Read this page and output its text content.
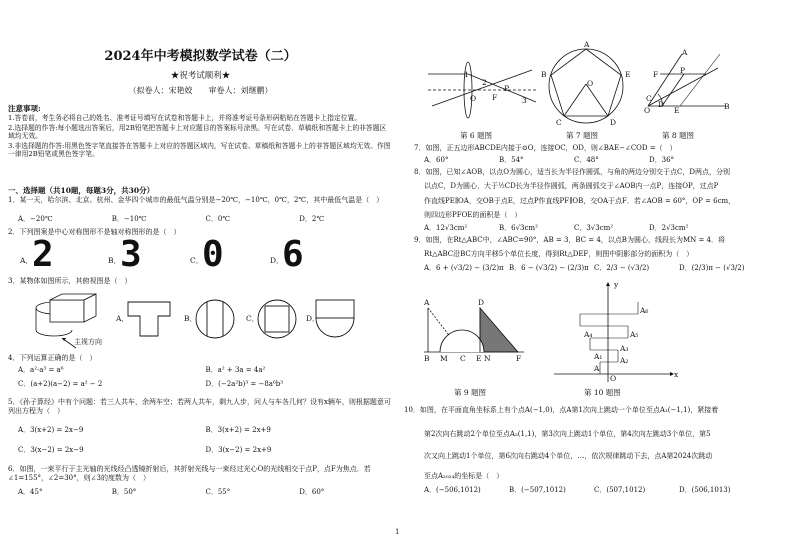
2024年中考模拟数学试卷（二）
★祝考试顺利★
（拟卷人：宋艳姣　　审卷人：刘继鹏）
注意事项:

1.答卷前，考生务必将自己的姓名、准考证号填写在试卷和答题卡上，并将准考证号条形码粘贴在答题卡上指定位置。

2.选择题的作答:每小题选出答案后，用2B铅笔把答题卡上对应题目的答案标号涂黑。写在试卷、草稿纸和答题卡上的非答题区域均无效。

3.非选择题的作答:用黑色签字笔直接答在答题卡上对应的答题区域内，写在试卷、草稿纸和答题卡上的非答题区域均无效。作图一律用2B铅笔或黑色签字笔。

一、选择题（共10题，每题3分，共30分）
1．某一天，哈尔滨、北京、杭州、金华四个城市的最低气温分别是−20℃，−10℃，0℃，2℃，其中最低气温是（　）
A．−20℃	B．−10℃	C．0℃	D．2℃
2．下列图案是中心对称图形不是轴对称图形的是（　）
A． 2	B．
3	C．
0	D．
6
3．某物体如图所示，其俯视图是（　）
主视方向
A．	B．	C．	D．
4．下列运算正确的是（　）
A．a²·a³ = a⁶	B．a² + 3a = 4a²
C．(a+2)(a−2) = a² − 2	D．(−2a²b)³ = −8a⁶b³
5．《孙子算经》中有个问题：若三人共车，余两车空；若两人共车，剩九人步，问人与车各几何？设有x辆车，则根据题意可列出方程为（　）
A．3(x+2) = 2x−9	B．3(x+2) = 2x+9
C．3(x−2) = 2x−9	D．3(x−2) = 2x+9
6．如图，一束平行于主光轴的光线经凸透镜折射后，其折射光线与一束经过光心O的光线相交于点P，点F为焦点．若∠1=155°，∠2=30°，则∠3的度数为（　）
A．45°	B．50°	C．55°	D．60°
1
2
3
O F
P
第 6 题图
A
B	E
C	D
O
第 7 题图
A
F	P
O
D
E	B
C
第 8 题图
7．如图，正五边形ABCDE内接于⊙O，连接OC，OD，则∠BAE−∠COD =（　）
A．60°	B．54°	C．48°	D．36°
8．如图，已知∠AOB，以点O为圆心，适当长为半径作圆弧，与角的两边分别交于点C，D两点，分别
以点C，D为圆心，大于½CD长为半径作圆弧，两条圆弧交于∠AOB内一点P，连接OP，过点P
作直线PE∥OA，交OB于点E，过点P作直线PF∥OB，交OA于点F．若∠AOB = 60°，OP = 6cm，
则四边形PFOE的面积是（　）
A．12√3cm²	B．6√3cm²	C．3√3cm²	D．2√3cm²
9．如图，在Rt△ABC中，∠ABC=90°，AB = 3，BC = 4，以点B为圆心，线段长为MN = 4．将
Rt△ABC沿BC方向平移5个单位长度，得到Rt△DEF，则图中阴影部分的面积为（　）
A．6 + (√3/2) − (3/2)π B．6 − (√3/2) − (2/3)π C．2/3 − (√3/2)	D．(2/3)π − (√3/2)
A	D
B M C E N	F
第 9 题图
y
x
O
A
A₁ A₂
A₃
A₄	A₅
A₆
第 10 题图
10．如图，在平面直角坐标系上有个点A(−1,0)，点A第1次向上跳动一个单位至点A₁(−1,1)，紧接着
第2次向右跳动2个单位至点A₂(1,1)，第3次向上跳动1个单位，第4次向左跳动3个单位，第5
次又向上跳动1个单位，第6次向右跳动4个单位，…，依次规律跳动下去，点A第2024次跳动
至点A₂₀₂₄的坐标是（　）
A．(−506,1012)	B．(−507,1012)	C．(507,1012)	D．(506,1013)
1
